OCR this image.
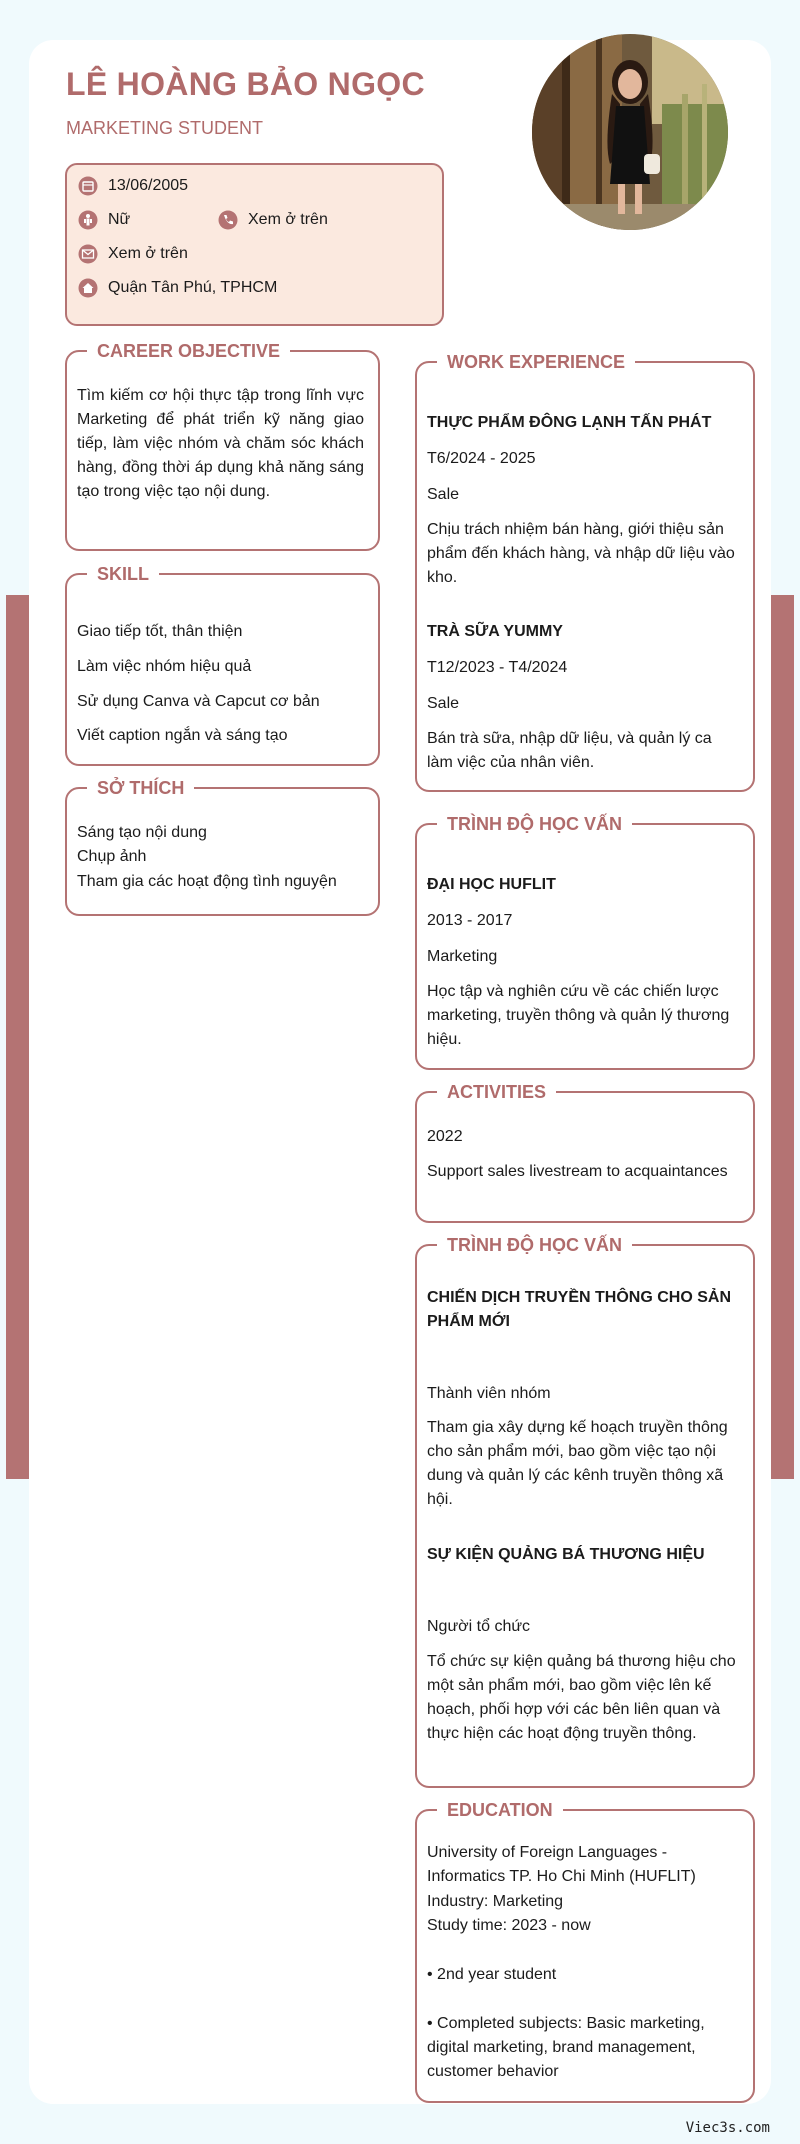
LÊ HOÀNG BẢO NGỌC
MARKETING STUDENT
13/06/2005
Nữ	Xem ở trên
Xem ở trên
Quận Tân Phú, TPHCM
CAREER OBJECTIVE
Tìm kiếm cơ hội thực tập trong lĩnh vực Marketing để phát triển kỹ năng giao tiếp, làm việc nhóm và chăm sóc khách hàng, đồng thời áp dụng khả năng sáng tạo trong việc tạo nội dung.
SKILL
Giao tiếp tốt, thân thiện
Làm việc nhóm hiệu quả
Sử dụng Canva và Capcut cơ bản
Viết caption ngắn và sáng tạo
SỞ THÍCH
Sáng tạo nội dung
Chụp ảnh
Tham gia các hoạt động tình nguyện
WORK EXPERIENCE
THỰC PHẨM ĐÔNG LẠNH TẤN PHÁT
T6/2024 - 2025
Sale
Chịu trách nhiệm bán hàng, giới thiệu sản phẩm đến khách hàng, và nhập dữ liệu vào kho.
TRÀ SỮA YUMMY
T12/2023 - T4/2024
Sale
Bán trà sữa, nhập dữ liệu, và quản lý ca làm việc của nhân viên.
TRÌNH ĐỘ HỌC VẤN
ĐẠI HỌC HUFLIT
2013 - 2017
Marketing
Học tập và nghiên cứu về các chiến lược marketing, truyền thông và quản lý thương hiệu.
ACTIVITIES
2022
Support sales livestream to acquaintances
TRÌNH ĐỘ HỌC VẤN
CHIẾN DỊCH TRUYỀN THÔNG CHO SẢN PHẨM MỚI
Thành viên nhóm
Tham gia xây dựng kế hoạch truyền thông cho sản phẩm mới, bao gồm việc tạo nội dung và quản lý các kênh truyền thông xã hội.
SỰ KIỆN QUẢNG BÁ THƯƠNG HIỆU
Người tổ chức
Tổ chức sự kiện quảng bá thương hiệu cho một sản phẩm mới, bao gồm việc lên kế hoạch, phối hợp với các bên liên quan và thực hiện các hoạt động truyền thông.
EDUCATION
University of Foreign Languages - Informatics TP. Ho Chi Minh (HUFLIT)
Industry: Marketing
Study time: 2023 - now
• 2nd year student
• Completed subjects: Basic marketing, digital marketing, brand management, customer behavior
Viec3s.com
